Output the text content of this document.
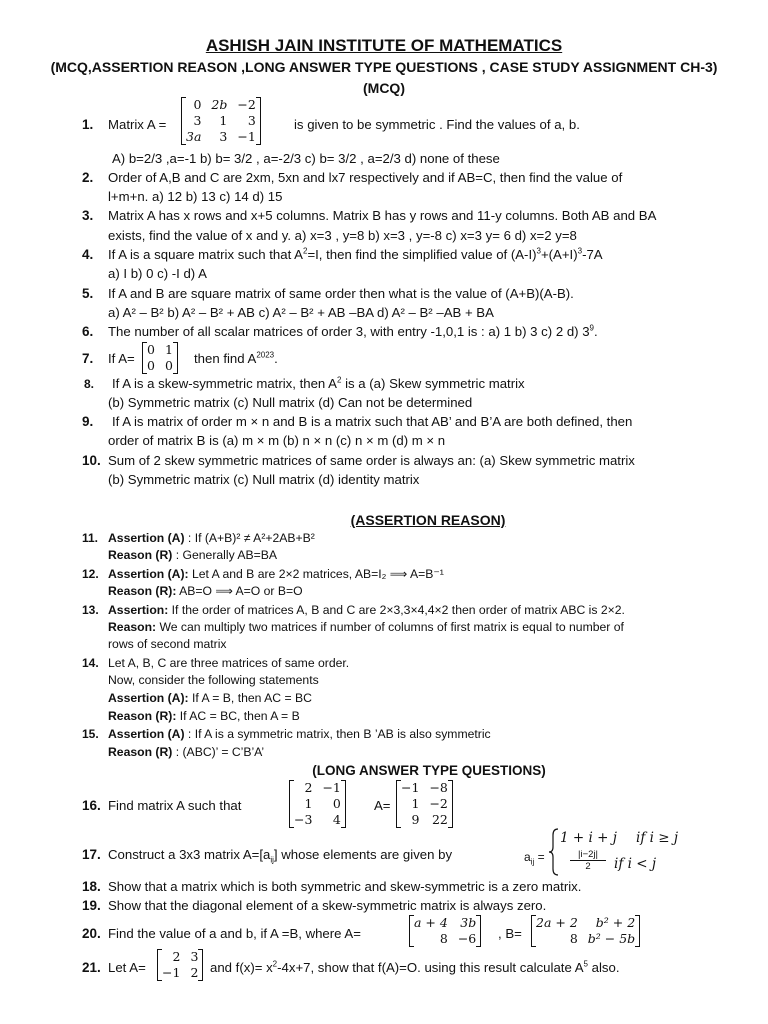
ASHISH JAIN INSTITUTE OF MATHEMATICS
(MCQ,ASSERTION REASON ,LONG ANSWER TYPE QUESTIONS , CASE STUDY ASSIGNMENT CH-3)
(MCQ)
1.	Matrix A =
0	2b	−2
3	1	3
3a	3	−1
is given to be symmetric . Find the values of a, b.
A) b=2/3 ,a=-1 b) b= 3/2 , a=-2/3 c) b= 3/2 , a=2/3 d) none of these
2.	Order of A,B and C are 2xm, 5xn and lx7 respectively and if AB=C, then find the value of
l+m+n. a) 12 b) 13 c) 14 d) 15
3.	Matrix A has x rows and x+5 columns. Matrix B has y rows and 11-y columns. Both AB and BA
exists, find the value of x and y. a) x=3 , y=8 b) x=3 , y=-8 c) x=3 y= 6 d) x=2 y=8
4.	If A is a square matrix such that $A^2=I$, then find the simplified value of $(A-I)^3+(A+I)^3-7A$
a) I b) 0 c) -I d) A
5.	If A and B are square matrix of same order then what is the value of (A+B)(A-B).
a) A² – B² b) A² – B² + AB c) A² – B² + AB –BA d) A² – B² –AB + BA
6.	The number of all scalar matrices of order 3, with entry -1,0,1 is : a) 1 b) 3 c) 2 d) $3^9$.
7.	If A=
0	1
0	0 then find $A^{2023}$.
8.	If A is a skew-symmetric matrix, then $A^2$ is a (a) Skew symmetric matrix
(b) Symmetric matrix (c) Null matrix (d) Can not be determined
9.	If A is matrix of order m × n and B is a matrix such that AB’ and B’A are both defined, then
order of matrix B is (a) m × m (b) n × n (c) n × m (d) m × n
10. Sum of 2 skew symmetric matrices of same order is always an: (a) Skew symmetric matrix
(b) Symmetric matrix (c) Null matrix (d) identity matrix
(ASSERTION REASON)
11. Assertion (A) : If (A+B)² ≠ A²+2AB+B²
Reason (R) : Generally AB=BA
12. Assertion (A): Let A and B are 2×2 matrices, AB=I₂ ⟹ A=B⁻¹
Reason (R): AB=O ⟹ A=O or B=O
13. Assertion: If the order of matrices A, B and C are 2×3,3×4,4×2 then order of matrix ABC is 2×2.
Reason: We can multiply two matrices if number of columns of first matrix is equal to number of
rows of second matrix
14. Let A, B, C are three matrices of same order.
Now, consider the following statements
Assertion (A): If A = B, then AC = BC
Reason (R): If AC = BC, then A = B
15. Assertion (A) : If A is a symmetric matrix, then B ’AB is also symmetric
Reason (R) : (ABC)’ = C’B’A’
(LONG ANSWER TYPE QUESTIONS)
16. Find matrix A such that
2	−1
1	0
−3	4
A=
−1	−8
1	−2
9	22
17. Construct a 3x3 matrix $A=[a_{ij}]$ whose elements are given by	$a_{ij}$ =
1 + i + j if i ≥ j
|i−2j|
2	if i < j
18. Show that a matrix which is both symmetric and skew-symmetric is a zero matrix.
19. Show that the diagonal element of a skew-symmetric matrix is always zero.
20. Find the value of a and b, if A =B, where A=
a + 4	3b
8	−6 , B=
2a + 2	b² + 2
8	b² − 5b
21. Let A=
2	3
−1	2 and $f(x)= x^2-4x+7$, show that f(A)=O. using this result calculate $A^5$ also.
